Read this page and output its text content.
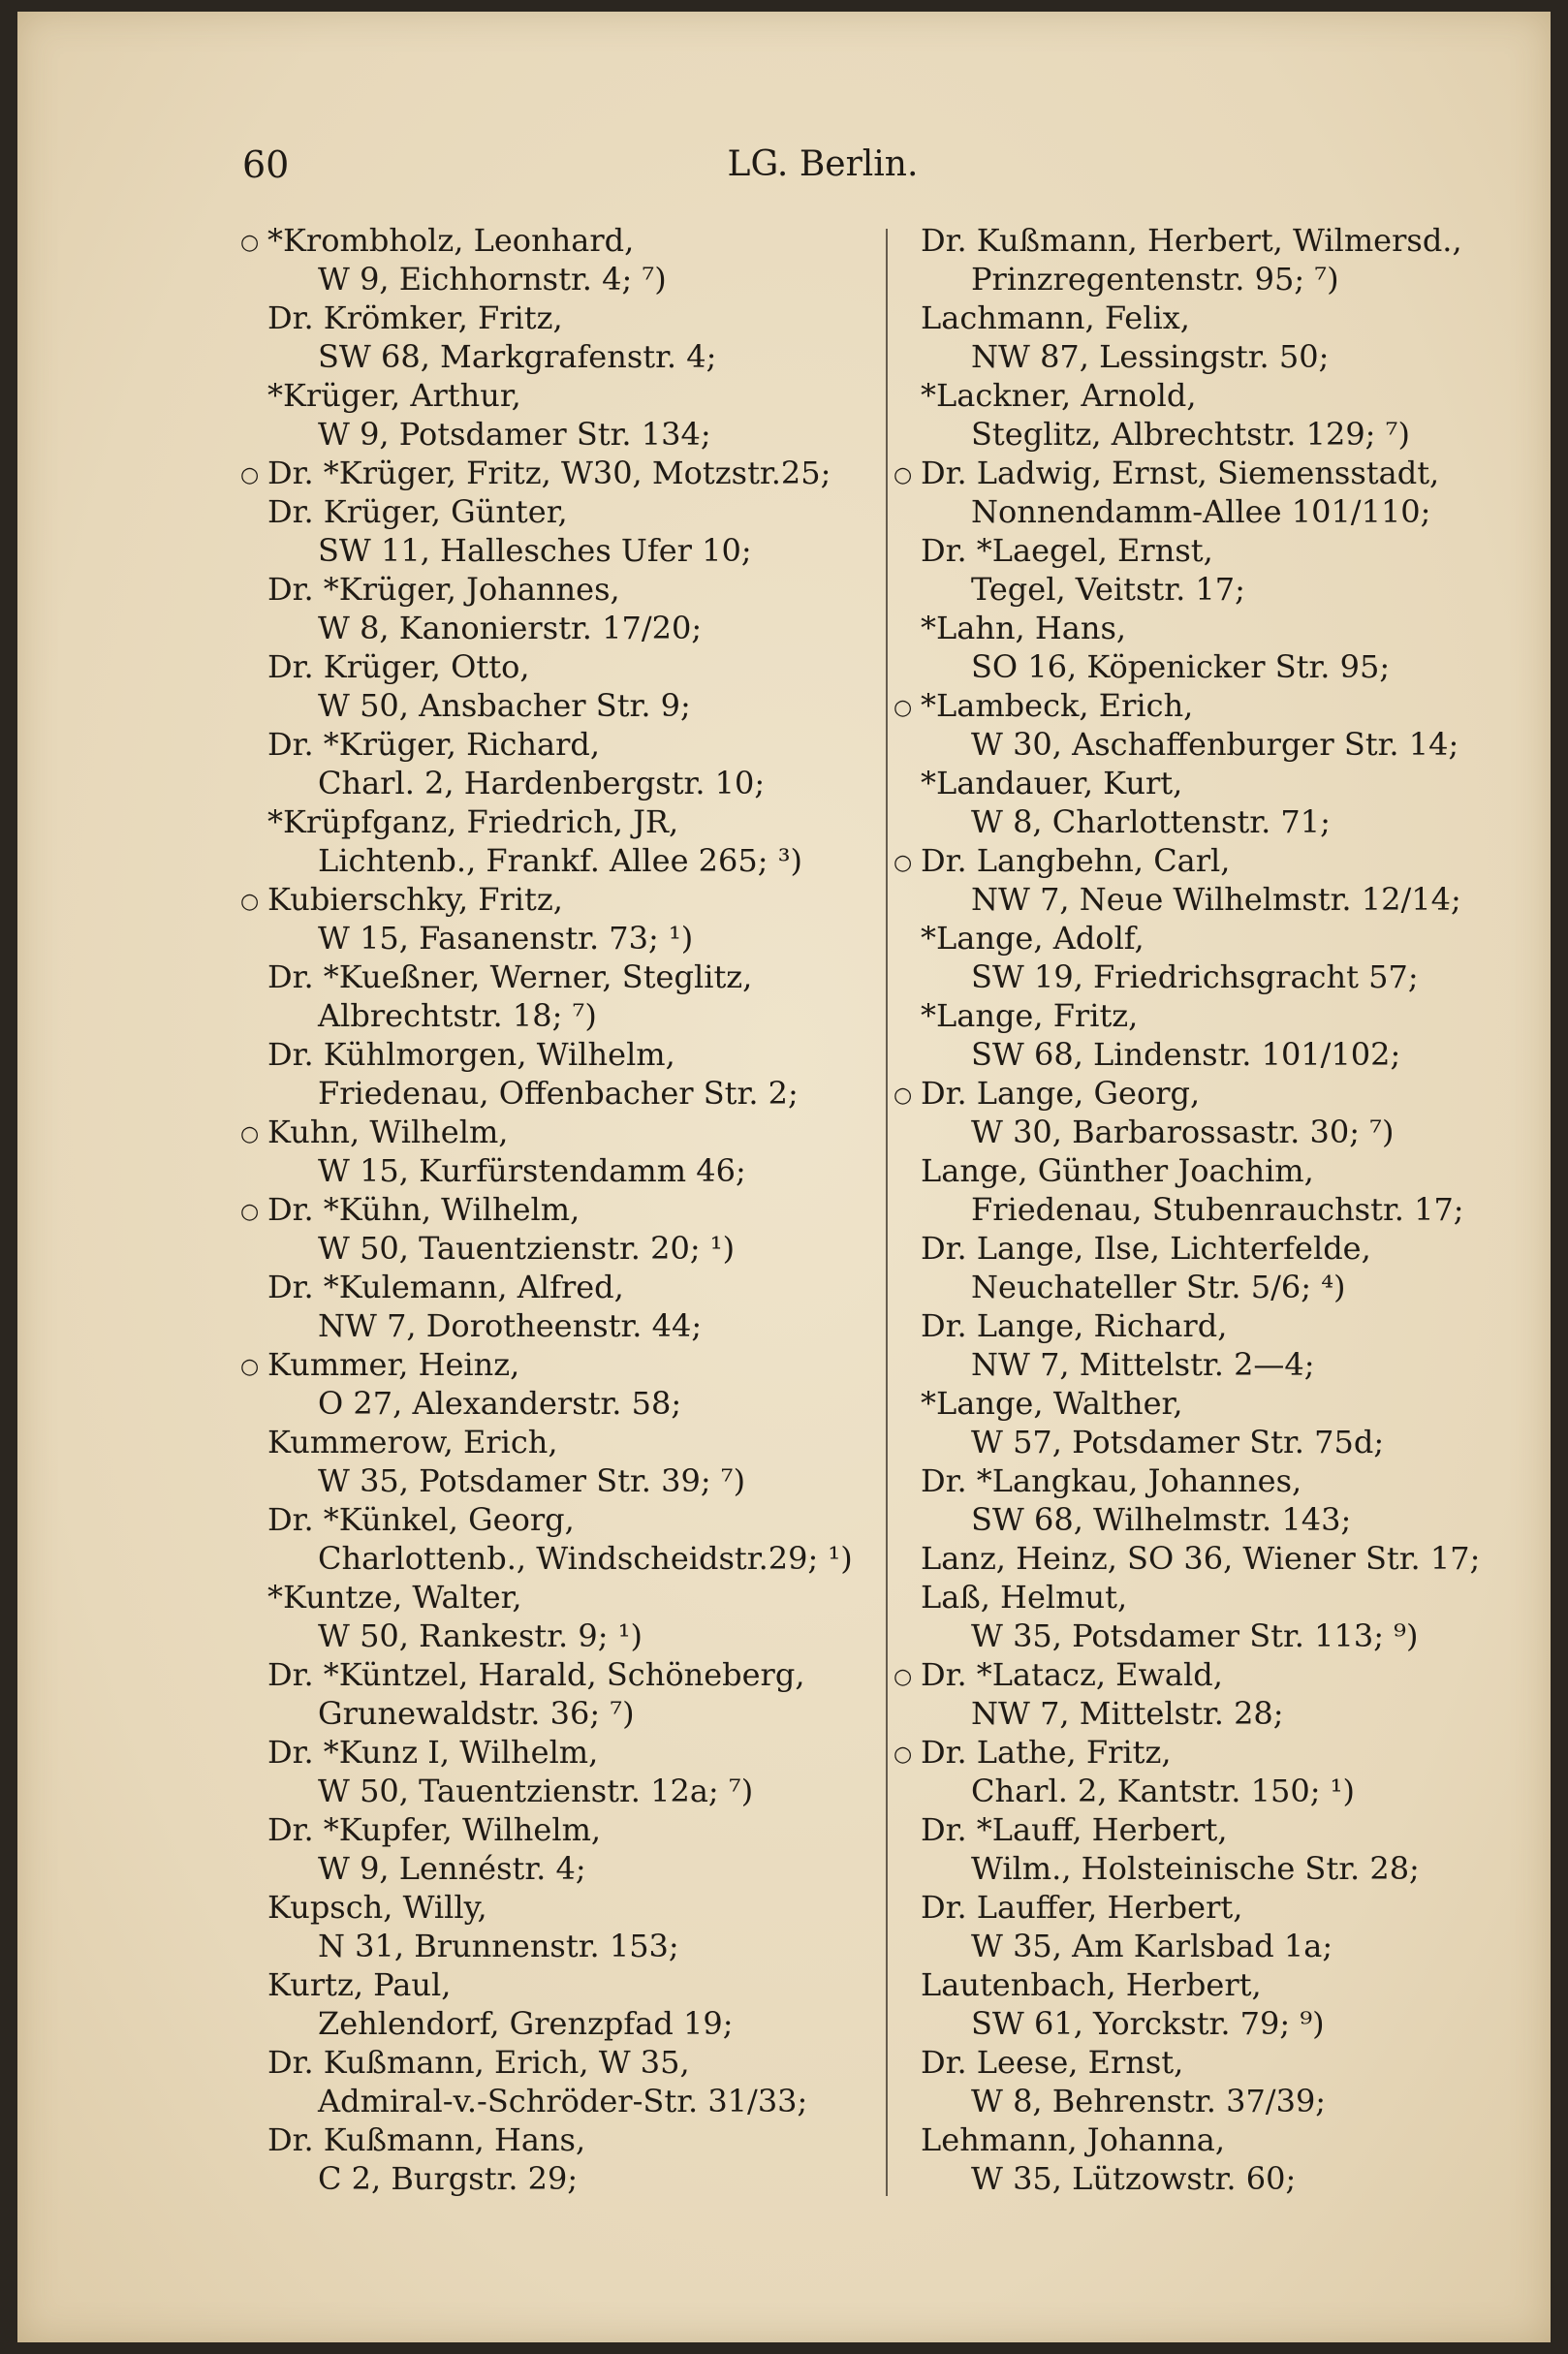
60	LG. Berlin.
○ *Krombholz, Leonhard,
W 9, Eichhornstr. 4; ⁷)
Dr. Krömker, Fritz,
SW 68, Markgrafenstr. 4;
*Krüger, Arthur,
W 9, Potsdamer Str. 134;
○ Dr. *Krüger, Fritz, W30, Motzstr.25;
Dr. Krüger, Günter,
SW 11, Hallesches Ufer 10;
Dr. *Krüger, Johannes,
W 8, Kanonierstr. 17/20;
Dr. Krüger, Otto,
W 50, Ansbacher Str. 9;
Dr. *Krüger, Richard,
Charl. 2, Hardenbergstr. 10;
*Krüpfganz, Friedrich, JR,
Lichtenb., Frankf. Allee 265; ³)
○ Kubierschky, Fritz,
W 15, Fasanenstr. 73; ¹)
Dr. *Kueßner, Werner, Steglitz,
Albrechtstr. 18; ⁷)
Dr. Kühlmorgen, Wilhelm,
Friedenau, Offenbacher Str. 2;
○ Kuhn, Wilhelm,
W 15, Kurfürstendamm 46;
○ Dr. *Kühn, Wilhelm,
W 50, Tauentzienstr. 20; ¹)
Dr. *Kulemann, Alfred,
NW 7, Dorotheenstr. 44;
○ Kummer, Heinz,
O 27, Alexanderstr. 58;
Kummerow, Erich,
W 35, Potsdamer Str. 39; ⁷)
Dr. *Künkel, Georg,
Charlottenb., Windscheidstr.29; ¹)
*Kuntze, Walter,
W 50, Rankestr. 9; ¹)
Dr. *Küntzel, Harald, Schöneberg,
Grunewaldstr. 36; ⁷)
Dr. *Kunz I, Wilhelm,
W 50, Tauentzienstr. 12a; ⁷)
Dr. *Kupfer, Wilhelm,
W 9, Lennéstr. 4;
Kupsch, Willy,
N 31, Brunnenstr. 153;
Kurtz, Paul,
Zehlendorf, Grenzpfad 19;
Dr. Kußmann, Erich, W 35,
Admiral-v.-Schröder-Str. 31/33;
Dr. Kußmann, Hans,
C 2, Burgstr. 29;
Dr. Kußmann, Herbert, Wilmersd.,
Prinzregentenstr. 95; ⁷)
Lachmann, Felix,
NW 87, Lessingstr. 50;
*Lackner, Arnold,
Steglitz, Albrechtstr. 129; ⁷)
○ Dr. Ladwig, Ernst, Siemensstadt,
Nonnendamm-Allee 101/110;
Dr. *Laegel, Ernst,
Tegel, Veitstr. 17;
*Lahn, Hans,
SO 16, Köpenicker Str. 95;
○ *Lambeck, Erich,
W 30, Aschaffenburger Str. 14;
*Landauer, Kurt,
W 8, Charlottenstr. 71;
○ Dr. Langbehn, Carl,
NW 7, Neue Wilhelmstr. 12/14;
*Lange, Adolf,
SW 19, Friedrichsgracht 57;
*Lange, Fritz,
SW 68, Lindenstr. 101/102;
○ Dr. Lange, Georg,
W 30, Barbarossastr. 30; ⁷)
Lange, Günther Joachim,
Friedenau, Stubenrauchstr. 17;
Dr. Lange, Ilse, Lichterfelde,
Neuchateller Str. 5/6; ⁴)
Dr. Lange, Richard,
NW 7, Mittelstr. 2—4;
*Lange, Walther,
W 57, Potsdamer Str. 75d;
Dr. *Langkau, Johannes,
SW 68, Wilhelmstr. 143;
Lanz, Heinz, SO 36, Wiener Str. 17;
Laß, Helmut,
W 35, Potsdamer Str. 113; ⁹)
○ Dr. *Latacz, Ewald,
NW 7, Mittelstr. 28;
○ Dr. Lathe, Fritz,
Charl. 2, Kantstr. 150; ¹)
Dr. *Lauff, Herbert,
Wilm., Holsteinische Str. 28;
Dr. Lauffer, Herbert,
W 35, Am Karlsbad 1a;
Lautenbach, Herbert,
SW 61, Yorckstr. 79; ⁹)
Dr. Leese, Ernst,
W 8, Behrenstr. 37/39;
Lehmann, Johanna,
W 35, Lützowstr. 60;
